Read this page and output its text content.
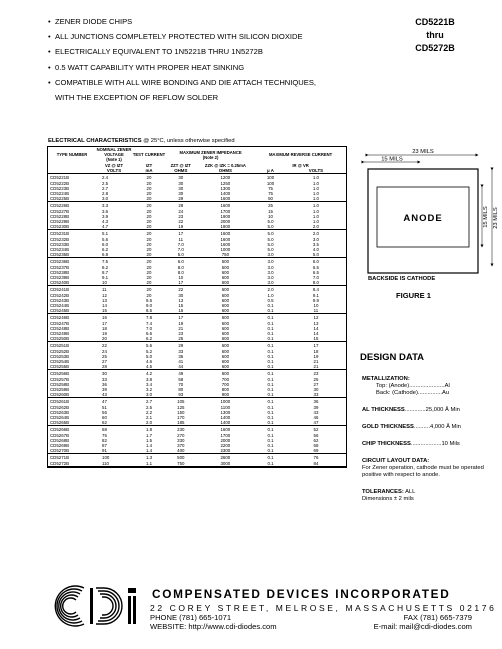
• ZENER DIODE CHIPS
• ALL JUNCTIONS COMPLETELY PROTECTED WITH SILICON DIOXIDE
• ELECTRICALLY EQUIVALENT TO 1N5221B THRU 1N5272B
• 0.5 WATT CAPABILITY WITH PROPER HEAT SINKING
• COMPATIBLE WITH ALL WIRE BONDING AND DIE ATTACH TECHNIQUES,
WITH THE EXCEPTION OF REFLOW SOLDER
CD5221B
thru
CD5272B
ELECTRICAL CHARACTERISTICS @ 25°C, unless otherwise specified
TYPE NUMBER	NOMINAL ZENER VOLTAGE
(Note 1)	TEST CURRENT	MAXIMUM ZENER IMPEDANCE
(Note 2)		MAXIMUM REVERSE CURRENT	
	VZ @ IZT	IZT	ZZT @ IZT	ZZK @ IZK = 0.25mA	IR @ VR	
	VOLTS	mA	OHMS	OHMS	µ A	VOLTS
CD5221B	2.4	20	30	1200	100	1.0
CD5222B	2.5	20	30	1250	100	1.0
CD5223B	2.7	20	30	1300	75	1.0
CD5224B	2.8	20	30	1400	75	1.0
CD5225B	3.0	20	29	1600	50	1.0
CD5226B	3.3	20	28	1600	25	1.0
CD5227B	3.6	20	24	1700	15	1.0
CD5228B	3.9	20	23	1900	10	1.0
CD5229B	4.3	20	22	2000	5.0	1.0
CD5230B	4.7	20	19	1900	5.0	2.0
CD5231B	5.1	20	17	1600	5.0	2.0
CD5232B	5.6	20	11	1600	5.0	3.0
CD5233B	6.0	20	7.0	1600	5.0	3.5
CD5234B	6.2	20	7.0	1000	5.0	4.0
CD5235B	6.8	20	5.0	750	3.0	5.0
CD5236B	7.5	20	6.0	500	3.0	6.0
CD5237B	8.2	20	8.0	500	3.0	6.5
CD5238B	8.7	20	8.0	600	3.0	6.5
CD5239B	9.1	20	10	600	3.0	7.0
CD5240B	10	20	17	600	3.0	8.0
CD5241B	11	20	22	600	2.0	8.4
CD5242B	12	20	30	600	1.0	9.1
CD5243B	13	9.5	13	600	0.5	9.9
CD5244B	14	9.0	15	600	0.1	10
CD5245B	15	8.5	16	600	0.1	11
CD5246B	16	7.8	17	600	0.1	12
CD5247B	17	7.4	19	600	0.1	13
CD5248B	18	7.0	21	600	0.1	14
CD5249B	19	6.6	23	600	0.1	14
CD5250B	20	6.2	25	600	0.1	15
CD5251B	22	5.6	29	600	0.1	17
CD5252B	24	5.2	33	600	0.1	18
CD5253B	25	5.0	35	600	0.1	19
CD5254B	27	4.6	41	600	0.1	21
CD5255B	28	4.5	44	600	0.1	21
CD5256B	30	4.2	49	600	0.1	23
CD5257B	33	3.8	58	700	0.1	25
CD5258B	36	3.4	70	700	0.1	27
CD5259B	39	3.2	80	800	0.1	30
CD5260B	43	3.0	93	900	0.1	33
CD5261B	47	2.7	105	1000	0.1	36
CD5262B	51	2.5	125	1100	0.1	39
CD5263B	56	2.2	150	1300	0.1	43
CD5264B	60	2.1	170	1400	0.1	46
CD5265B	62	2.0	185	1400	0.1	47
CD5266B	68	1.8	230	1600	0.1	52
CD5267B	75	1.7	270	1700	0.1	56
CD5268B	82	1.5	330	2000	0.1	62
CD5269B	87	1.4	370	2200	0.1	68
CD5270B	91	1.4	400	2300	0.1	69
CD5271B	100	1.3	500	2600	0.1	76
CD5272B	110	1.1	750	3000	0.1	84
23 MILS
15 MILS
ANODE	23 MILS
15 MILS
BACKSIDE IS CATHODE
FIGURE 1
DESIGN DATA
METALLIZATION:
Top: (Anode)......................Al
Back: (Cathode)...............Au
AL THICKNESS.............25,000 Å Min
GOLD THICKNESS..........4,000 Å Min
CHIP THICKNESS...................10 Mils
CIRCUIT LAYOUT DATA:
For Zener operation, cathode must be operated positive with respect to anode.
TOLERANCES: ALL
Dimensions ± 2 mils
COMPENSATED DEVICES INCORPORATED
22 COREY STREET, MELROSE, MASSACHUSETTS 02176
PHONE (781) 665-1071	FAX (781) 665-7379
WEBSITE: http://www.cdi-diodes.com	E-mail: mail@cdi-diodes.com
